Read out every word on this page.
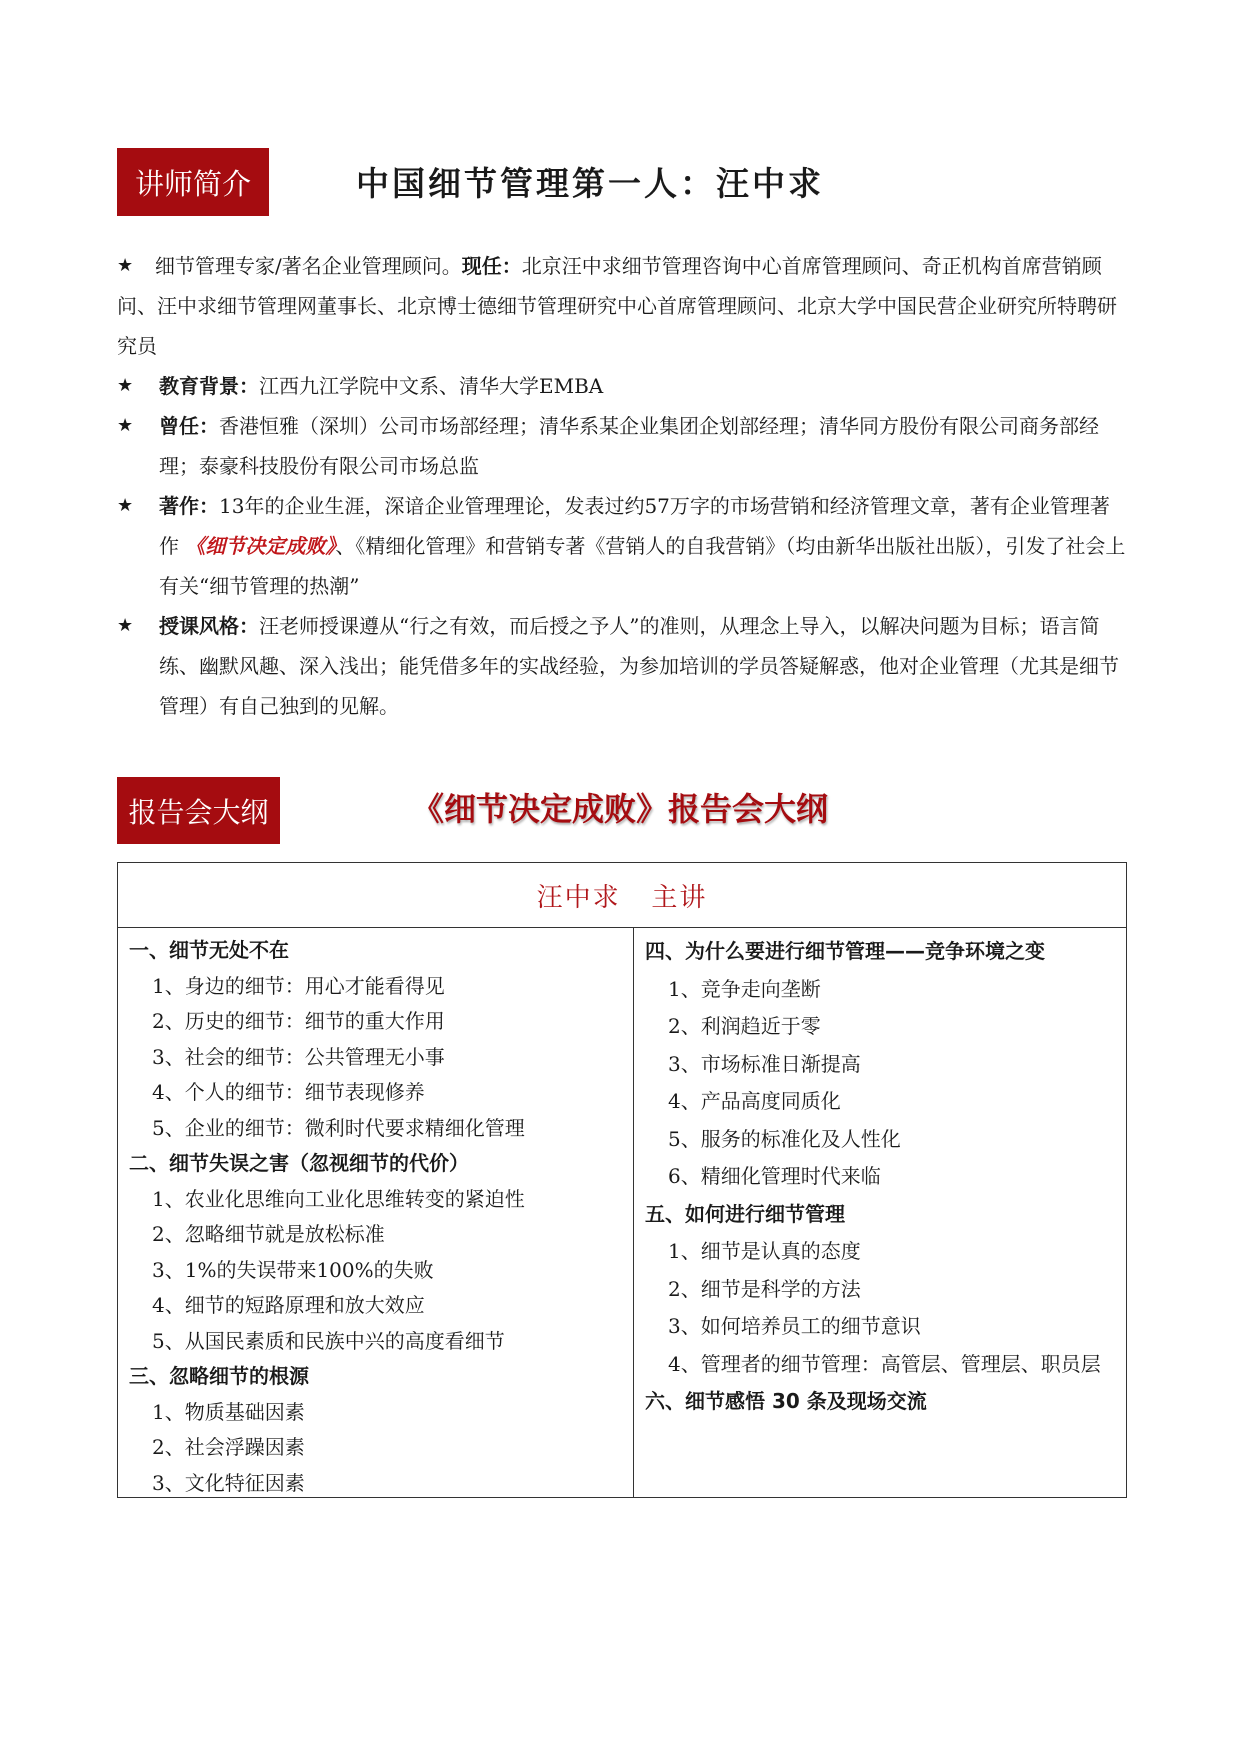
讲师简介	中国细节管理第一人：汪中求
★ 细节管理专家/著名企业管理顾问。现任：北京汪中求细节管理咨询中心首席管理顾问、奇正机构首席营销顾问、汪中求细节管理网董事长、北京博士德细节管理研究中心首席管理顾问、北京大学中国民营企业研究所特聘研究员
★ 教育背景：江西九江学院中文系、清华大学EMBA
★ 曾任：香港恒雅（深圳）公司市场部经理；清华系某企业集团企划部经理；清华同方股份有限公司商务部经理；泰豪科技股份有限公司市场总监
★ 著作：13年的企业生涯，深谙企业管理理论，发表过约57万字的市场营销和经济管理文章，著有企业管理著作 《细节决定成败》、《精细化管理》和营销专著《营销人的自我营销》（均由新华出版社出版），引发了社会上有关“细节管理的热潮”
★ 授课风格：汪老师授课遵从“行之有效，而后授之予人”的准则，从理念上导入，以解决问题为目标；语言简练、幽默风趣、深入浅出；能凭借多年的实战经验，为参加培训的学员答疑解惑，他对企业管理（尤其是细节管理）有自己独到的见解。
报告会大纲	《细节决定成败》报告会大纲
汪中求   主讲
一、细节无处不在
1、身边的细节：用心才能看得见
2、历史的细节：细节的重大作用
3、社会的细节：公共管理无小事
4、个人的细节：细节表现修养
5、企业的细节：微利时代要求精细化管理
二、细节失误之害（忽视细节的代价）
1、农业化思维向工业化思维转变的紧迫性
2、忽略细节就是放松标准
3、1%的失误带来100%的失败
4、细节的短路原理和放大效应
5、从国民素质和民族中兴的高度看细节
三、忽略细节的根源
1、物质基础因素
2、社会浮躁因素
3、文化特征因素
四、为什么要进行细节管理——竞争环境之变
1、竞争走向垄断
2、利润趋近于零
3、市场标准日渐提高
4、产品高度同质化
5、服务的标准化及人性化
6、精细化管理时代来临
五、如何进行细节管理
1、细节是认真的态度
2、细节是科学的方法
3、如何培养员工的细节意识
4、 管理者的细节管理：高管层、管理层、职员层
六、细节感悟 30 条及现场交流
